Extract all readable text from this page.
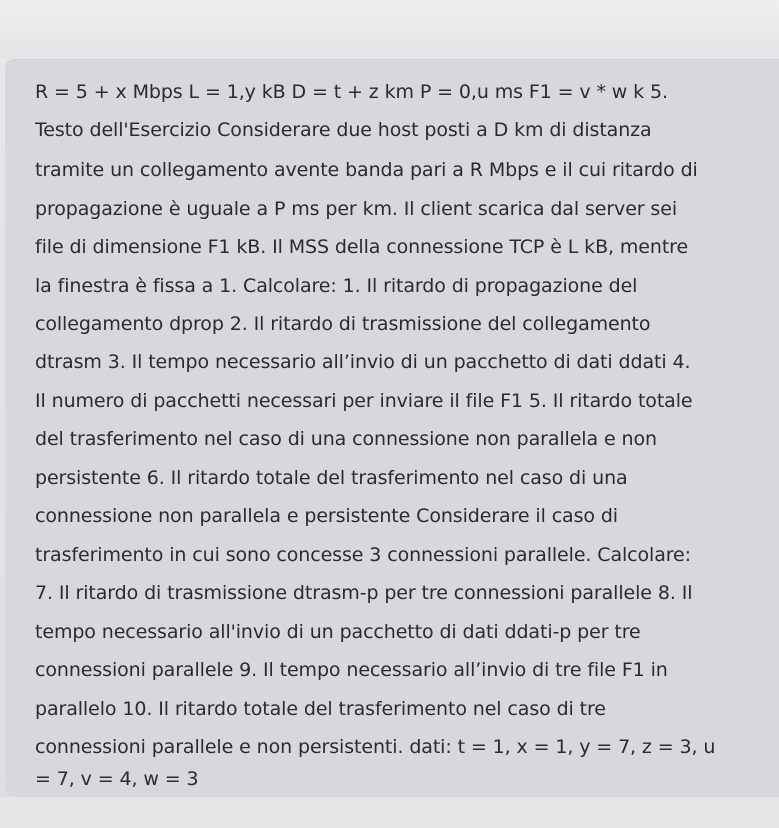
R = 5 + x Mbps L = 1,y kB D = t + z km P = 0,u ms F1 = v * w k 5.
Testo dell'Esercizio Considerare due host posti a D km di distanza
tramite un collegamento avente banda pari a R Mbps e il cui ritardo di
propagazione è uguale a P ms per km. Il client scarica dal server sei
file di dimensione F1 kB. Il MSS della connessione TCP è L kB, mentre
la finestra è fissa a 1. Calcolare: 1. Il ritardo di propagazione del
collegamento dprop 2. Il ritardo di trasmissione del collegamento
dtrasm 3. Il tempo necessario all’invio di un pacchetto di dati ddati 4.
Il numero di pacchetti necessari per inviare il file F1 5. Il ritardo totale
del trasferimento nel caso di una connessione non parallela e non
persistente 6. Il ritardo totale del trasferimento nel caso di una
connessione non parallela e persistente Considerare il caso di
trasferimento in cui sono concesse 3 connessioni parallele. Calcolare:
7. Il ritardo di trasmissione dtrasm-p per tre connessioni parallele 8. Il
tempo necessario all'invio di un pacchetto di dati ddati-p per tre
connessioni parallele 9. Il tempo necessario all’invio di tre file F1 in
parallelo 10. Il ritardo totale del trasferimento nel caso di tre
connessioni parallele e non persistenti. dati: t = 1, x = 1, y = 7, z = 3, u
= 7, v = 4, w = 3
